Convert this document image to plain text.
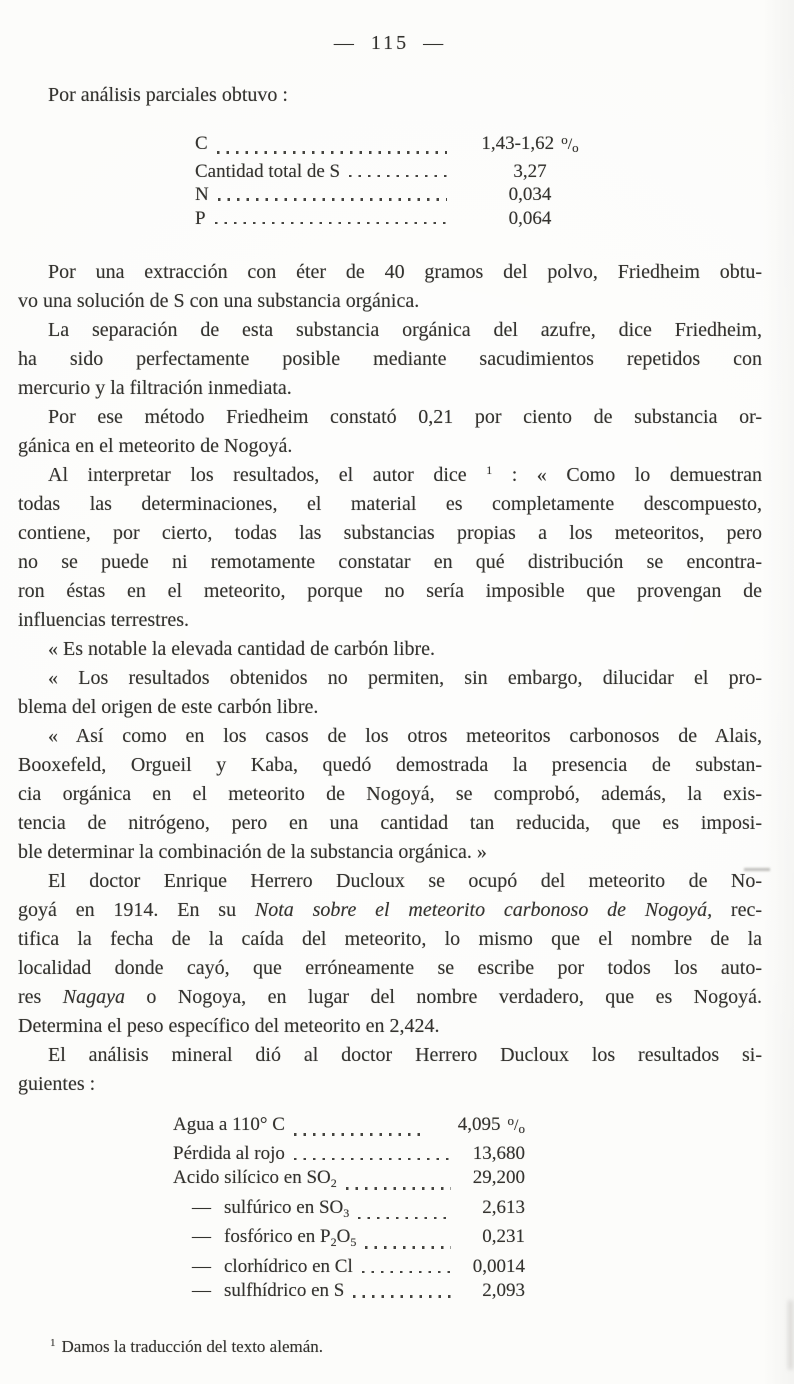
— 115 —

Por análisis parciales obtuvo :

C	1,43-1,62 $^o$/o
Cantidad total de S	3,27
N	0,034
P	0,064

Por una extracción con éter de 40 gramos del polvo, Friedheim obtu-

vo una solución de S con una substancia orgánica.

La separación de esta substancia orgánica del azufre, dice Friedheim,

ha sido perfectamente posible mediante sacudimientos repetidos con

mercurio y la filtración inmediata.

Por ese método Friedheim constató 0,21 por ciento de substancia or-

gánica en el meteorito de Nogoyá.

Al interpretar los resultados, el autor dice $^1$ : « Como lo demuestran

todas las determinaciones, el material es completamente descompuesto,

contiene, por cierto, todas las substancias propias a los meteoritos, pero

no se puede ni remotamente constatar en qué distribución se encontra-

ron éstas en el meteorito, porque no sería imposible que provengan de

influencias terrestres.

« Es notable la elevada cantidad de carbón libre.

« Los resultados obtenidos no permiten, sin embargo, dilucidar el pro-

blema del origen de este carbón libre.

« Así como en los casos de los otros meteoritos carbonosos de Alais,

Booxefeld, Orgueil y Kaba, quedó demostrada la presencia de substan-

cia orgánica en el meteorito de Nogoyá, se comprobó, además, la exis-

tencia de nitrógeno, pero en una cantidad tan reducida, que es imposi-

ble determinar la combinación de la substancia orgánica. »

El doctor Enrique Herrero Ducloux se ocupó del meteorito de No-

goyá en 1914. En su Nota sobre el meteorito carbonoso de Nogoyá, rec-

tifica la fecha de la caída del meteorito, lo mismo que el nombre de la

localidad donde cayó, que erróneamente se escribe por todos los auto-

res Nagaya o Nogoya, en lugar del nombre verdadero, que es Nogoyá.

Determina el peso específico del meteorito en 2,424.

El análisis mineral dió al doctor Herrero Ducloux los resultados si-

guientes :

Agua a 110° C	4,095 $^o$/o
Pérdida al rojo	13,680
Acido silícico en $SO_2$	29,200
— sulfúrico en $SO_3$	2,613
— fosfórico en $P_2O_5$	0,231
— clorhídrico en Cl	0,0014
— sulfhídrico en S	2,093

$^1$ Damos la traducción del texto alemán.
